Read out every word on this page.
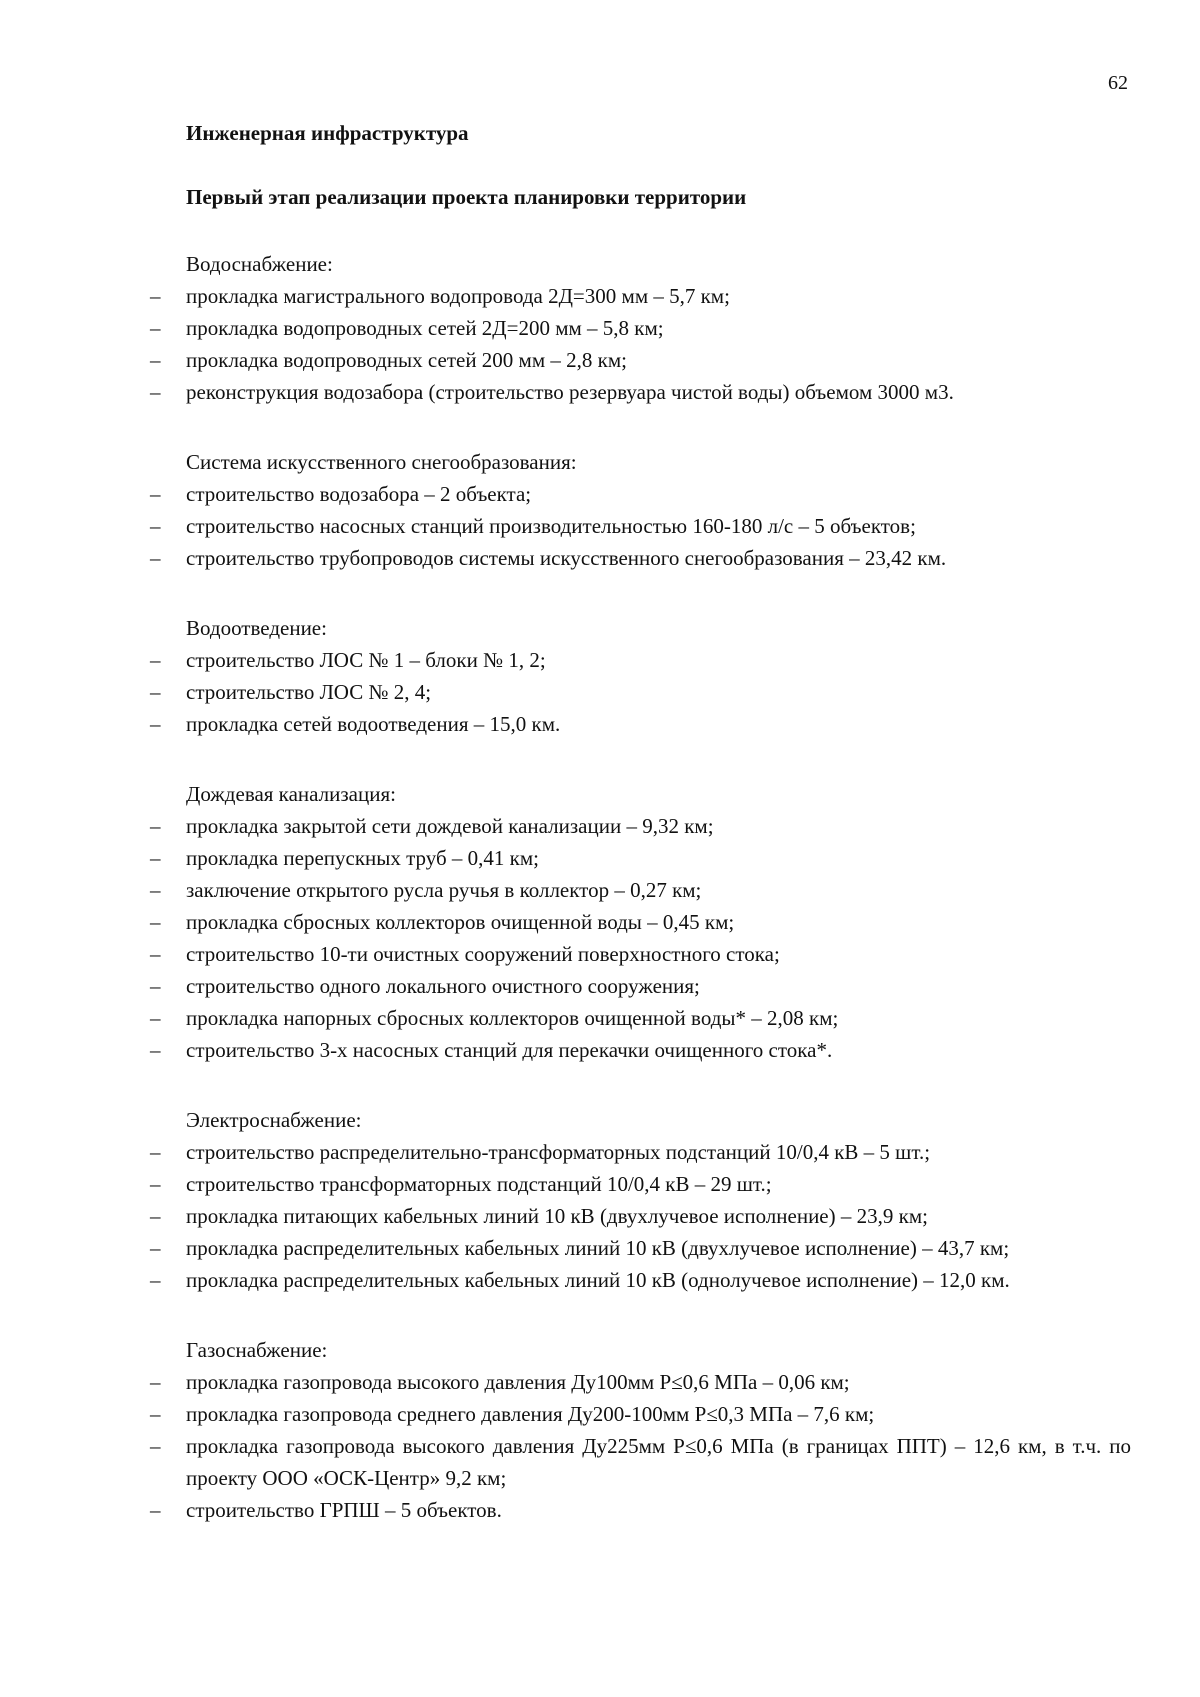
62
Инженерная инфраструктура
Первый этап реализации проекта планировки территории

Водоснабжение:

– прокладка магистрального водопровода 2Д=300 мм – 5,7 км;
– прокладка водопроводных сетей 2Д=200 мм – 5,8 км;
– прокладка водопроводных сетей 200 мм – 2,8 км;
– реконструкция водозабора (строительство резервуара чистой воды) объемом 3000 м3.

Система искусственного снегообразования:

– строительство водозабора – 2 объекта;
– строительство насосных станций производительностью 160-180 л/с – 5 объектов;
– строительство трубопроводов системы искусственного снегообразования – 23,42 км.

Водоотведение:

– строительство ЛОС № 1 – блоки № 1, 2;
– строительство ЛОС № 2, 4;
– прокладка сетей водоотведения – 15,0 км.

Дождевая канализация:

– прокладка закрытой сети дождевой канализации – 9,32 км;
– прокладка перепускных труб – 0,41 км;
– заключение открытого русла ручья в коллектор – 0,27 км;
– прокладка сбросных коллекторов очищенной воды – 0,45 км;
– строительство 10-ти очистных сооружений поверхностного стока;
– строительство одного локального очистного сооружения;
– прокладка напорных сбросных коллекторов очищенной воды* – 2,08 км;
– строительство 3-х насосных станций для перекачки очищенного стока*.

Электроснабжение:

– строительство распределительно-трансформаторных подстанций 10/0,4 кВ – 5 шт.;
– строительство трансформаторных подстанций 10/0,4 кВ – 29 шт.;
– прокладка питающих кабельных линий 10 кВ (двухлучевое исполнение) – 23,9 км;
– прокладка распределительных кабельных линий 10 кВ (двухлучевое исполнение) – 43,7 км;
– прокладка распределительных кабельных линий 10 кВ (однолучевое исполнение) – 12,0 км.

Газоснабжение:

– прокладка газопровода высокого давления Ду100мм Р≤0,6 МПа – 0,06 км;
– прокладка газопровода среднего давления Ду200-100мм Р≤0,3 МПа – 7,6 км;
– прокладка газопровода высокого давления Ду225мм Р≤0,6 МПа (в границах ППТ) – 12,6 км, в т.ч. по проекту ООО «ОСК-Центр» 9,2 км;
– строительство ГРПШ – 5 объектов.
